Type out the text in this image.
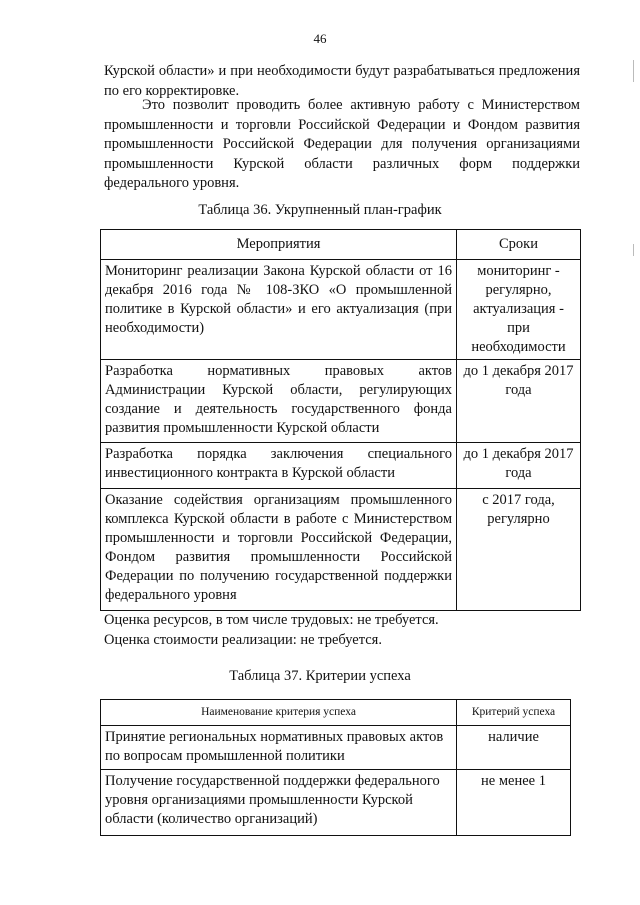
46

Курской области» и при необходимости будут разрабатываться предложения по его корректировке.

Это позволит проводить более активную работу с Министерством промышленности и торговли Российской Федерации и Фондом развития промышленности Российской Федерации для получения организациями промышленности Курской области различных форм поддержки федерального уровня.

Таблица 36. Укрупненный план-график
Мероприятия	Сроки
Мониторинг реализации Закона Курской области от 16 декабря 2016 года № 108-ЗКО «О промышленной политике в Курской области» и его актуализация (при необходимости)	мониторинг - регулярно, актуализация - при необходимости
Разработка нормативных правовых актов Администрации Курской области, регулирующих создание и деятельность государственного фонда развития промышленности Курской области	до 1 декабря 2017 года
Разработка порядка заключения специального инвестиционного контракта в Курской области	до 1 декабря 2017 года
Оказание содействия организациям промышленного комплекса Курской области в работе с Министерством промышленности и торговли Российской Федерации, Фондом развития промышленности Российской Федерации по получению государственной поддержки федерального уровня	с 2017 года, регулярно
Оценка ресурсов, в том числе трудовых: не требуется.
Оценка стоимости реализации: не требуется.
Таблица 37. Критерии успеха
Наименование критерия успеха	Критерий успеха
Принятие региональных нормативных правовых актов по вопросам промышленной политики	наличие
Получение государственной поддержки федерального уровня организациями промышленности Курской области (количество организаций)	не менее 1
